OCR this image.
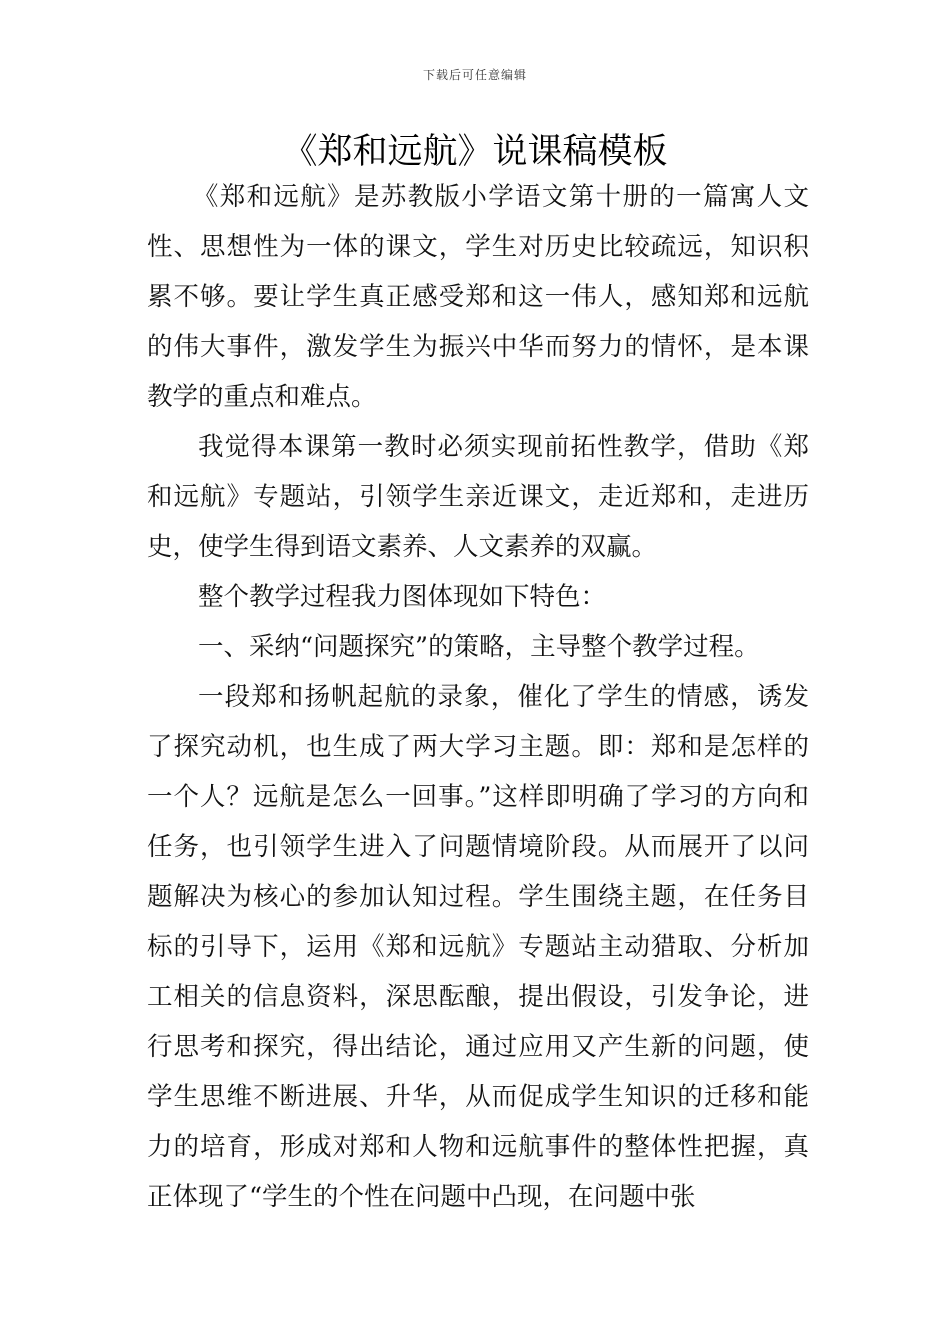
下载后可任意编辑
《郑和远航》说课稿模板

《郑和远航》是苏教版小学语文第十册的一篇寓人文性、思想性为一体的课文，学生对历史比较疏远，知识积累不够。要让学生真正感受郑和这一伟人，感知郑和远航的伟大事件，激发学生为振兴中华而努力的情怀，是本课教学的重点和难点。

我觉得本课第一教时必须实现前拓性教学，借助《郑和远航》专题站，引领学生亲近课文，走近郑和，走进历史，使学生得到语文素养、人文素养的双赢。

整个教学过程我力图体现如下特色：

一、采纳“问题探究”的策略，主导整个教学过程。

一段郑和扬帆起航的录象，催化了学生的情感，诱发了探究动机，也生成了两大学习主题。即：郑和是怎样的一个人？远航是怎么一回事。”这样即明确了学习的方向和任务，也引领学生进入了问题情境阶段。从而展开了以问题解决为核心的参加认知过程。学生围绕主题，在任务目标的引导下，运用《郑和远航》专题站主动猎取、分析加工相关的信息资料，深思酝酿，提出假设，引发争论，进行思考和探究，得出结论，通过应用又产生新的问题，使学生思维不断进展、升华，从而促成学生知识的迁移和能力的培育，形成对郑和人物和远航事件的整体性把握，真正体现了“学生的个性在问题中凸现，在问题中张
